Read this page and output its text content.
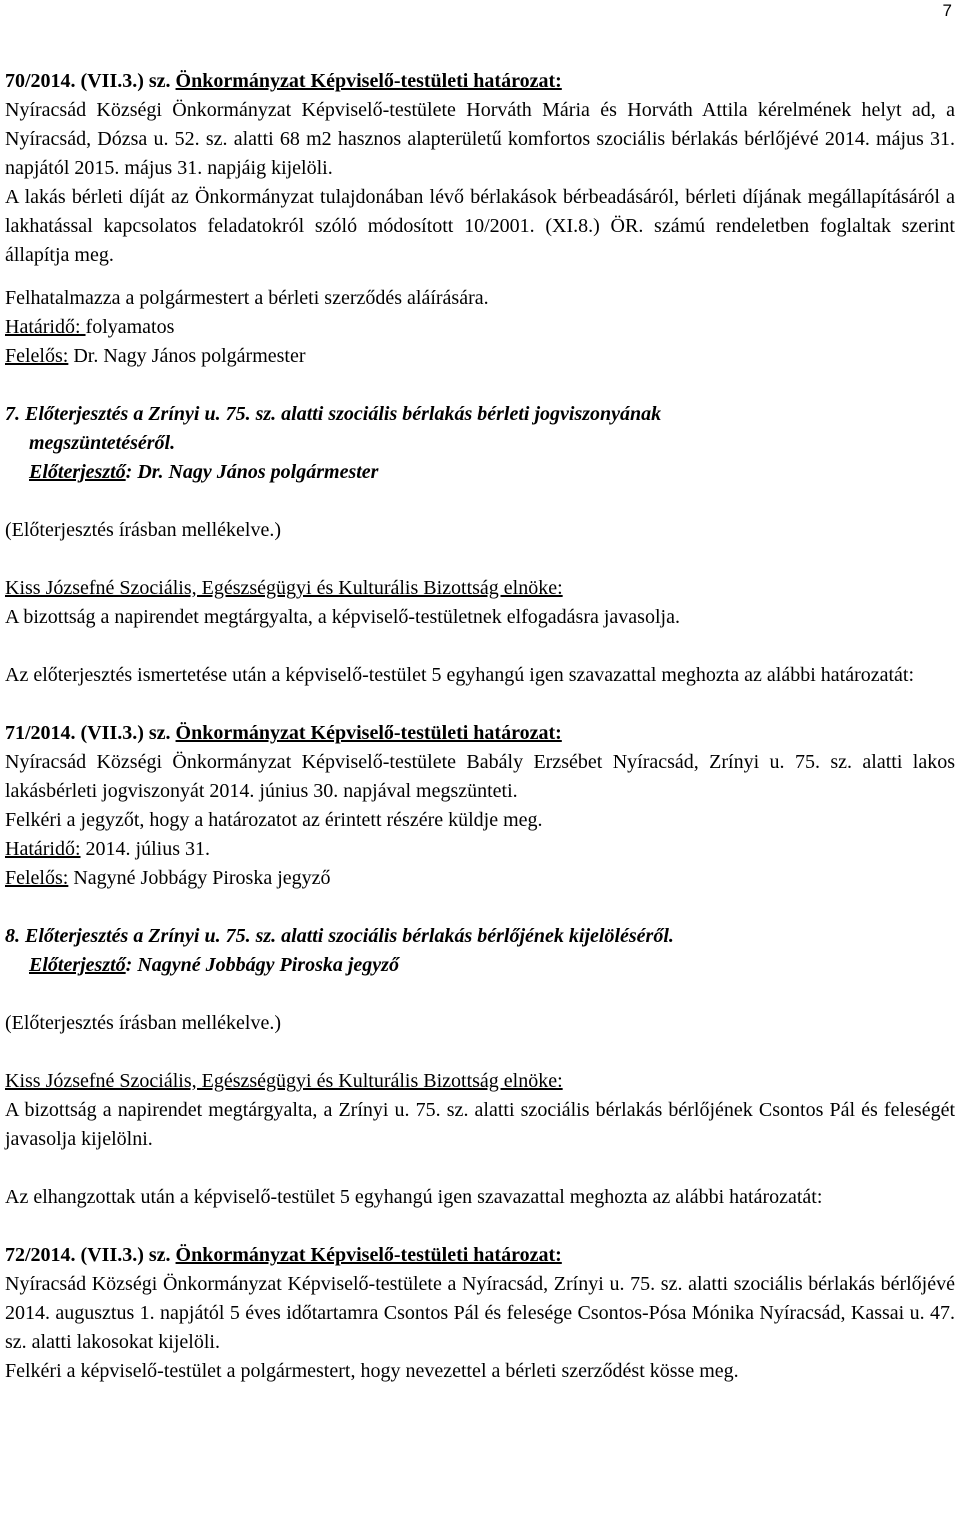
7

70/2014. (VII.3.) sz. Önkormányzat Képviselő-testületi határozat:

Nyíracsád Községi Önkormányzat Képviselő-testülete Horváth Mária és Horváth Attila kérelmének helyt ad, a Nyíracsád, Dózsa u. 52. sz. alatti 68 m2 hasznos alapterületű komfortos szociális bérlakás bérlőjévé 2014. május 31. napjától 2015. május 31. napjáig kijelöli.

A lakás bérleti díját az Önkormányzat tulajdonában lévő bérlakások bérbeadásáról, bérleti díjának megállapításáról a lakhatással kapcsolatos feladatokról szóló módosított 10/2001. (XI.8.) ÖR. számú rendeletben foglaltak szerint állapítja meg.

Felhatalmazza a polgármestert a bérleti szerződés aláírására.

Határidő: folyamatos

Felelős: Dr. Nagy János polgármester

7. Előterjesztés a Zrínyi u. 75. sz. alatti szociális bérlakás bérleti jogviszonyának

megszüntetéséről.

Előterjesztő: Dr. Nagy János polgármester

(Előterjesztés írásban mellékelve.)

Kiss Józsefné Szociális, Egészségügyi és Kulturális Bizottság elnöke:

A bizottság a napirendet megtárgyalta, a képviselő-testületnek elfogadásra javasolja.

Az előterjesztés ismertetése után a képviselő-testület 5 egyhangú igen szavazattal meghozta az alábbi határozatát:

71/2014. (VII.3.) sz. Önkormányzat Képviselő-testületi határozat:

Nyíracsád Községi Önkormányzat Képviselő-testülete Babály Erzsébet Nyíracsád, Zrínyi u. 75. sz. alatti lakos lakásbérleti jogviszonyát 2014. június 30. napjával megszünteti.

Felkéri a jegyzőt, hogy a határozatot az érintett részére küldje meg.

Határidő: 2014. július 31.

Felelős: Nagyné Jobbágy Piroska jegyző

8. Előterjesztés a Zrínyi u. 75. sz. alatti szociális bérlakás bérlőjének kijelöléséről.

Előterjesztő: Nagyné Jobbágy Piroska jegyző

(Előterjesztés írásban mellékelve.)

Kiss Józsefné Szociális, Egészségügyi és Kulturális Bizottság elnöke:

A bizottság a napirendet megtárgyalta, a Zrínyi u. 75. sz. alatti szociális bérlakás bérlőjének Csontos Pál és feleségét javasolja kijelölni.

Az elhangzottak után a képviselő-testület 5 egyhangú igen szavazattal meghozta az alábbi határozatát:

72/2014. (VII.3.) sz. Önkormányzat Képviselő-testületi határozat:

Nyíracsád Községi Önkormányzat Képviselő-testülete a Nyíracsád, Zrínyi u. 75. sz. alatti szociális bérlakás bérlőjévé 2014. augusztus 1. napjától 5 éves időtartamra Csontos Pál és felesége Csontos-Pósa Mónika Nyíracsád, Kassai u. 47. sz. alatti lakosokat kijelöli.

Felkéri a képviselő-testület a polgármestert, hogy nevezettel a bérleti szerződést kösse meg.
